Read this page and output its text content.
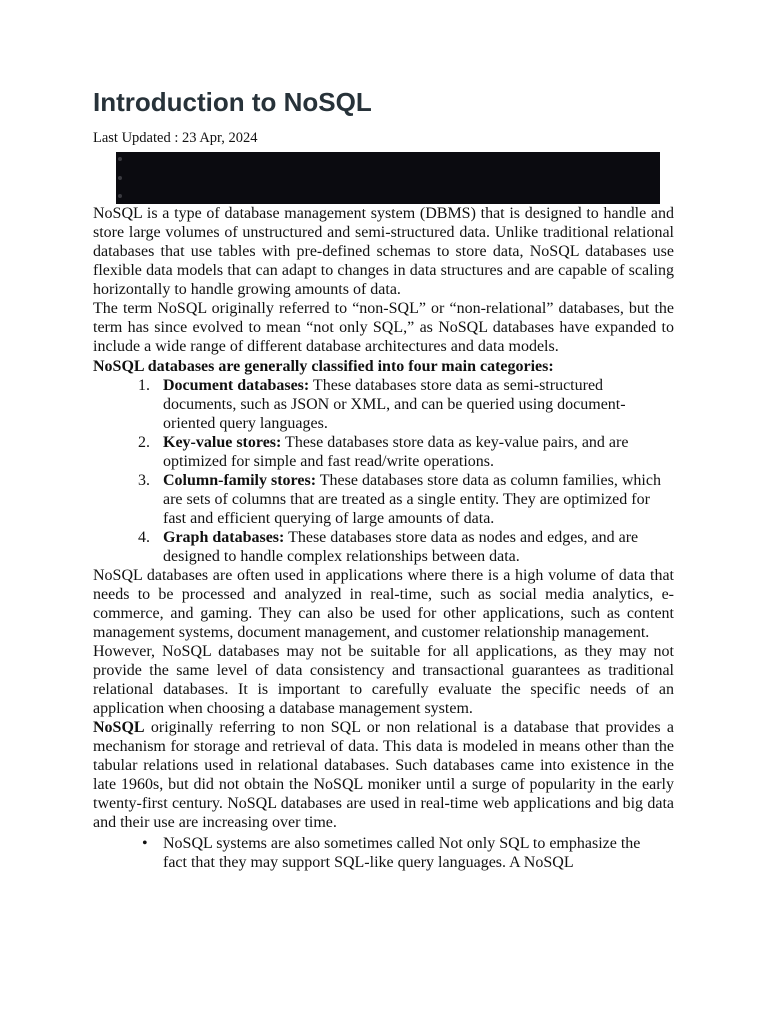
Introduction to NoSQL
Last Updated : 23 Apr, 2024

NoSQL is a type of database management system (DBMS) that is designed to handle and store large volumes of unstructured and semi-structured data. Unlike traditional relational databases that use tables with pre-defined schemas to store data, NoSQL databases use flexible data models that can adapt to changes in data structures and are capable of scaling horizontally to handle growing amounts of data.

The term NoSQL originally referred to “non-SQL” or “non-relational” databases, but the term has since evolved to mean “not only SQL,” as NoSQL databases have expanded to include a wide range of different database architectures and data models.

NoSQL databases are generally classified into four main categories:
1. Document databases: These databases store data as semi-structured documents, such as JSON or XML, and can be queried using document-oriented query languages.
2. Key-value stores: These databases store data as key-value pairs, and are optimized for simple and fast read/write operations.
3. Column-family stores: These databases store data as column families, which are sets of columns that are treated as a single entity. They are optimized for fast and efficient querying of large amounts of data.
4. Graph databases: These databases store data as nodes and edges, and are designed to handle complex relationships between data.

NoSQL databases are often used in applications where there is a high volume of data that needs to be processed and analyzed in real-time, such as social media analytics, e-commerce, and gaming. They can also be used for other applications, such as content management systems, document management, and customer relationship management.

However, NoSQL databases may not be suitable for all applications, as they may not provide the same level of data consistency and transactional guarantees as traditional relational databases. It is important to carefully evaluate the specific needs of an application when choosing a database management system.

NoSQL originally referring to non SQL or non relational is a database that provides a mechanism for storage and retrieval of data. This data is modeled in means other than the tabular relations used in relational databases. Such databases came into existence in the late 1960s, but did not obtain the NoSQL moniker until a surge of popularity in the early twenty-first century. NoSQL databases are used in real-time web applications and big data and their use are increasing over time.

• NoSQL systems are also sometimes called Not only SQL to emphasize the fact that they may support SQL-like query languages. A NoSQL
